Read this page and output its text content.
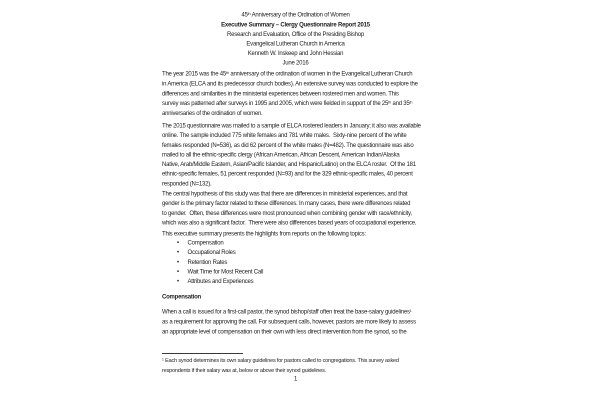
45th Anniversary of the Ordination of Women
Executive Summary – Clergy Questionnaire Report 2015
Research and Evaluation, Office of the Presiding Bishop
Evangelical Lutheran Church in America
Kenneth W. Inskeep and John Hessian
June 2016
The year 2015 was the 45th anniversary of the ordination of women in the Evangelical Lutheran Church
in America (ELCA and its predecessor church bodies). An extensive survey was conducted to explore the
differences and similarities in the ministerial experiences between rostered men and women. This
survey was patterned after surveys in 1995 and 2005, which were fielded in support of the 25th and 35th
anniversaries of the ordination of women.
The 2015 questionnaire was mailed to a sample of ELCA rostered leaders in January; it also was available
online. The sample included 775 white females and 781 white males.  Sixty-nine percent of the white
females responded (N=536), as did 62 percent of the white males (N=482). The questionnaire was also
mailed to all the ethnic-specific clergy (African American, African Descent, American Indian/Alaska
Native, Arab/Middle Eastern, Asian/Pacific Islander, and Hispanic/Latino) on the ELCA roster.  Of the 181
ethnic-specific females, 51 percent responded (N=93) and for the 329 ethnic-specific males, 40 percent
responded (N=132).
The central hypothesis of this study was that there are differences in ministerial experiences, and that
gender is the primary factor related to these differences. In many cases, there were differences related
to gender.  Often, these differences were most pronounced when combining gender with race/ethnicity,
which was also a significant factor.  There were also differences based years of occupational experience.
This executive summary presents the highlights from reports on the following topics:
• Compensation
• Occupational Roles
• Retention Rates
• Wait Time for Most Recent Call
• Attributes and Experiences
Compensation
When a call is issued for a first-call pastor, the synod bishop/staff often treat the base-salary guidelines$^1$
as a requirement for approving the call. For subsequent calls, however, pastors are more likely to assess
an appropriate level of compensation on their own with less direct intervention from the synod, so the
$^1$ Each synod determines its own salary guidelines for pastors called to congregations. This survey asked
respondents if their salary was at, below or above their synod guidelines.
1
